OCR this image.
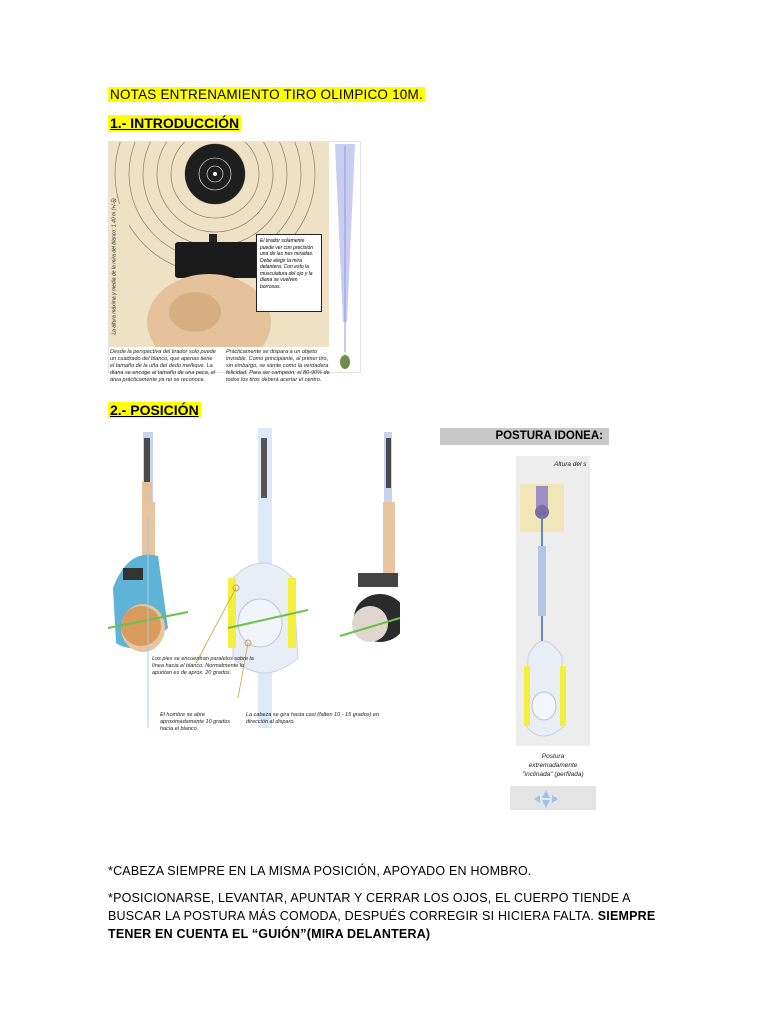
NOTAS ENTRENAMIENTO TIRO OLIMPICO 10M.
1.- INTRODUCCIÓN
La altura máxima y media de la mira del blanco: 1.40 m (+/-5)	El tirador solamente puede ver con precisión una de las tres miradas. Debe elegir la mira delantera. Con esto la musculatura del ojo y la diana se vuelven borrosas.
Desde la perspectiva del tirador solo puede un cuadrado del blanco, que apenas tiene el tamaño de la uña del dedo meñique. La diana se encoge al tamaño de una peca, el área prácticamente ya no se reconoce.
Prácticamente se dispara a un objeto invisible. Como principiante, al primer tiro, sin embargo, se siente como la verdadera felicidad. Para ser campeón, el 80-90% de todos los tiros deberá acertar el centro.
2.- POSICIÓN
Los pies se encuentran paralelos sobre la línea hacia el blanco. Normalmente lo apuntan es de aprox. 20 grados.
El hombre se abre aproximadamente 10 grados hacia el blanco.
La cabeza se gira hasta casi (falten 10 - 15 grados) en dirección al disparo.
POSTURA IDONEA:
Altura del s
Postura
extremadamente
"inclinada" (perfilada)
*CABEZA SIEMPRE EN LA MISMA POSICIÓN, APOYADO EN HOMBRO.
*POSICIONARSE, LEVANTAR, APUNTAR Y CERRAR LOS OJOS, EL CUERPO TIENDE A BUSCAR LA POSTURA MÁS COMODA, DESPUÉS CORREGIR SI HICIERA FALTA. SIEMPRE TENER EN CUENTA EL “GUIÓN”(MIRA DELANTERA)
